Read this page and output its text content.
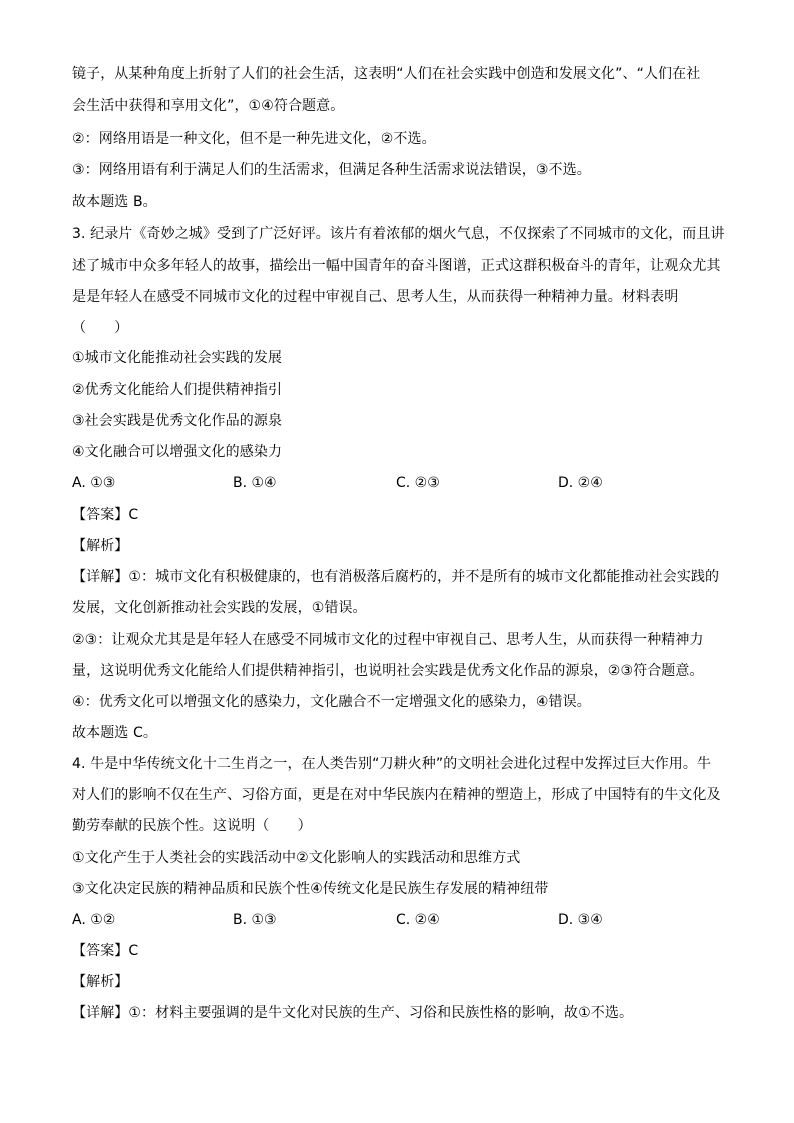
镜子，从某种角度上折射了人们的社会生活，这表明“人们在社会实践中创造和发展文化”、“人们在社
会生活中获得和享用文化”，①④符合题意。
②：网络用语是一种文化，但不是一种先进文化，②不选。
③：网络用语有利于满足人们的生活需求，但满足各种生活需求说法错误，③不选。
故本题选 B。
3. 纪录片《奇妙之城》受到了广泛好评。该片有着浓郁的烟火气息，不仅探索了不同城市的文化，而且讲
述了城市中众多年轻人的故事，描绘出一幅中国青年的奋斗图谱，正式这群积极奋斗的青年，让观众尤其
是是年轻人在感受不同城市文化的过程中审视自己、思考人生，从而获得一种精神力量。材料表明
（　　）
①城市文化能推动社会实践的发展
②优秀文化能给人们提供精神指引
③社会实践是优秀文化作品的源泉
④文化融合可以增强文化的感染力
A. ①③	B. ①④	C. ②③	D. ②④
【答案】C
【解析】
【详解】①：城市文化有积极健康的，也有消极落后腐朽的，并不是所有的城市文化都能推动社会实践的
发展，文化创新推动社会实践的发展，①错误。
②③：让观众尤其是是年轻人在感受不同城市文化的过程中审视自己、思考人生，从而获得一种精神力
量，这说明优秀文化能给人们提供精神指引，也说明社会实践是优秀文化作品的源泉，②③符合题意。
④：优秀文化可以增强文化的感染力，文化融合不一定增强文化的感染力，④错误。
故本题选 C。
4. 牛是中华传统文化十二生肖之一，在人类告别“刀耕火种”的文明社会进化过程中发挥过巨大作用。牛
对人们的影响不仅在生产、习俗方面，更是在对中华民族内在精神的塑造上，形成了中国特有的牛文化及
勤劳奉献的民族个性。这说明（　　）
①文化产生于人类社会的实践活动中②文化影响人的实践活动和思维方式
③文化决定民族的精神品质和民族个性④传统文化是民族生存发展的精神纽带
A. ①②	B. ①③	C. ②④	D. ③④
【答案】C
【解析】
【详解】①：材料主要强调的是牛文化对民族的生产、习俗和民族性格的影响，故①不选。
